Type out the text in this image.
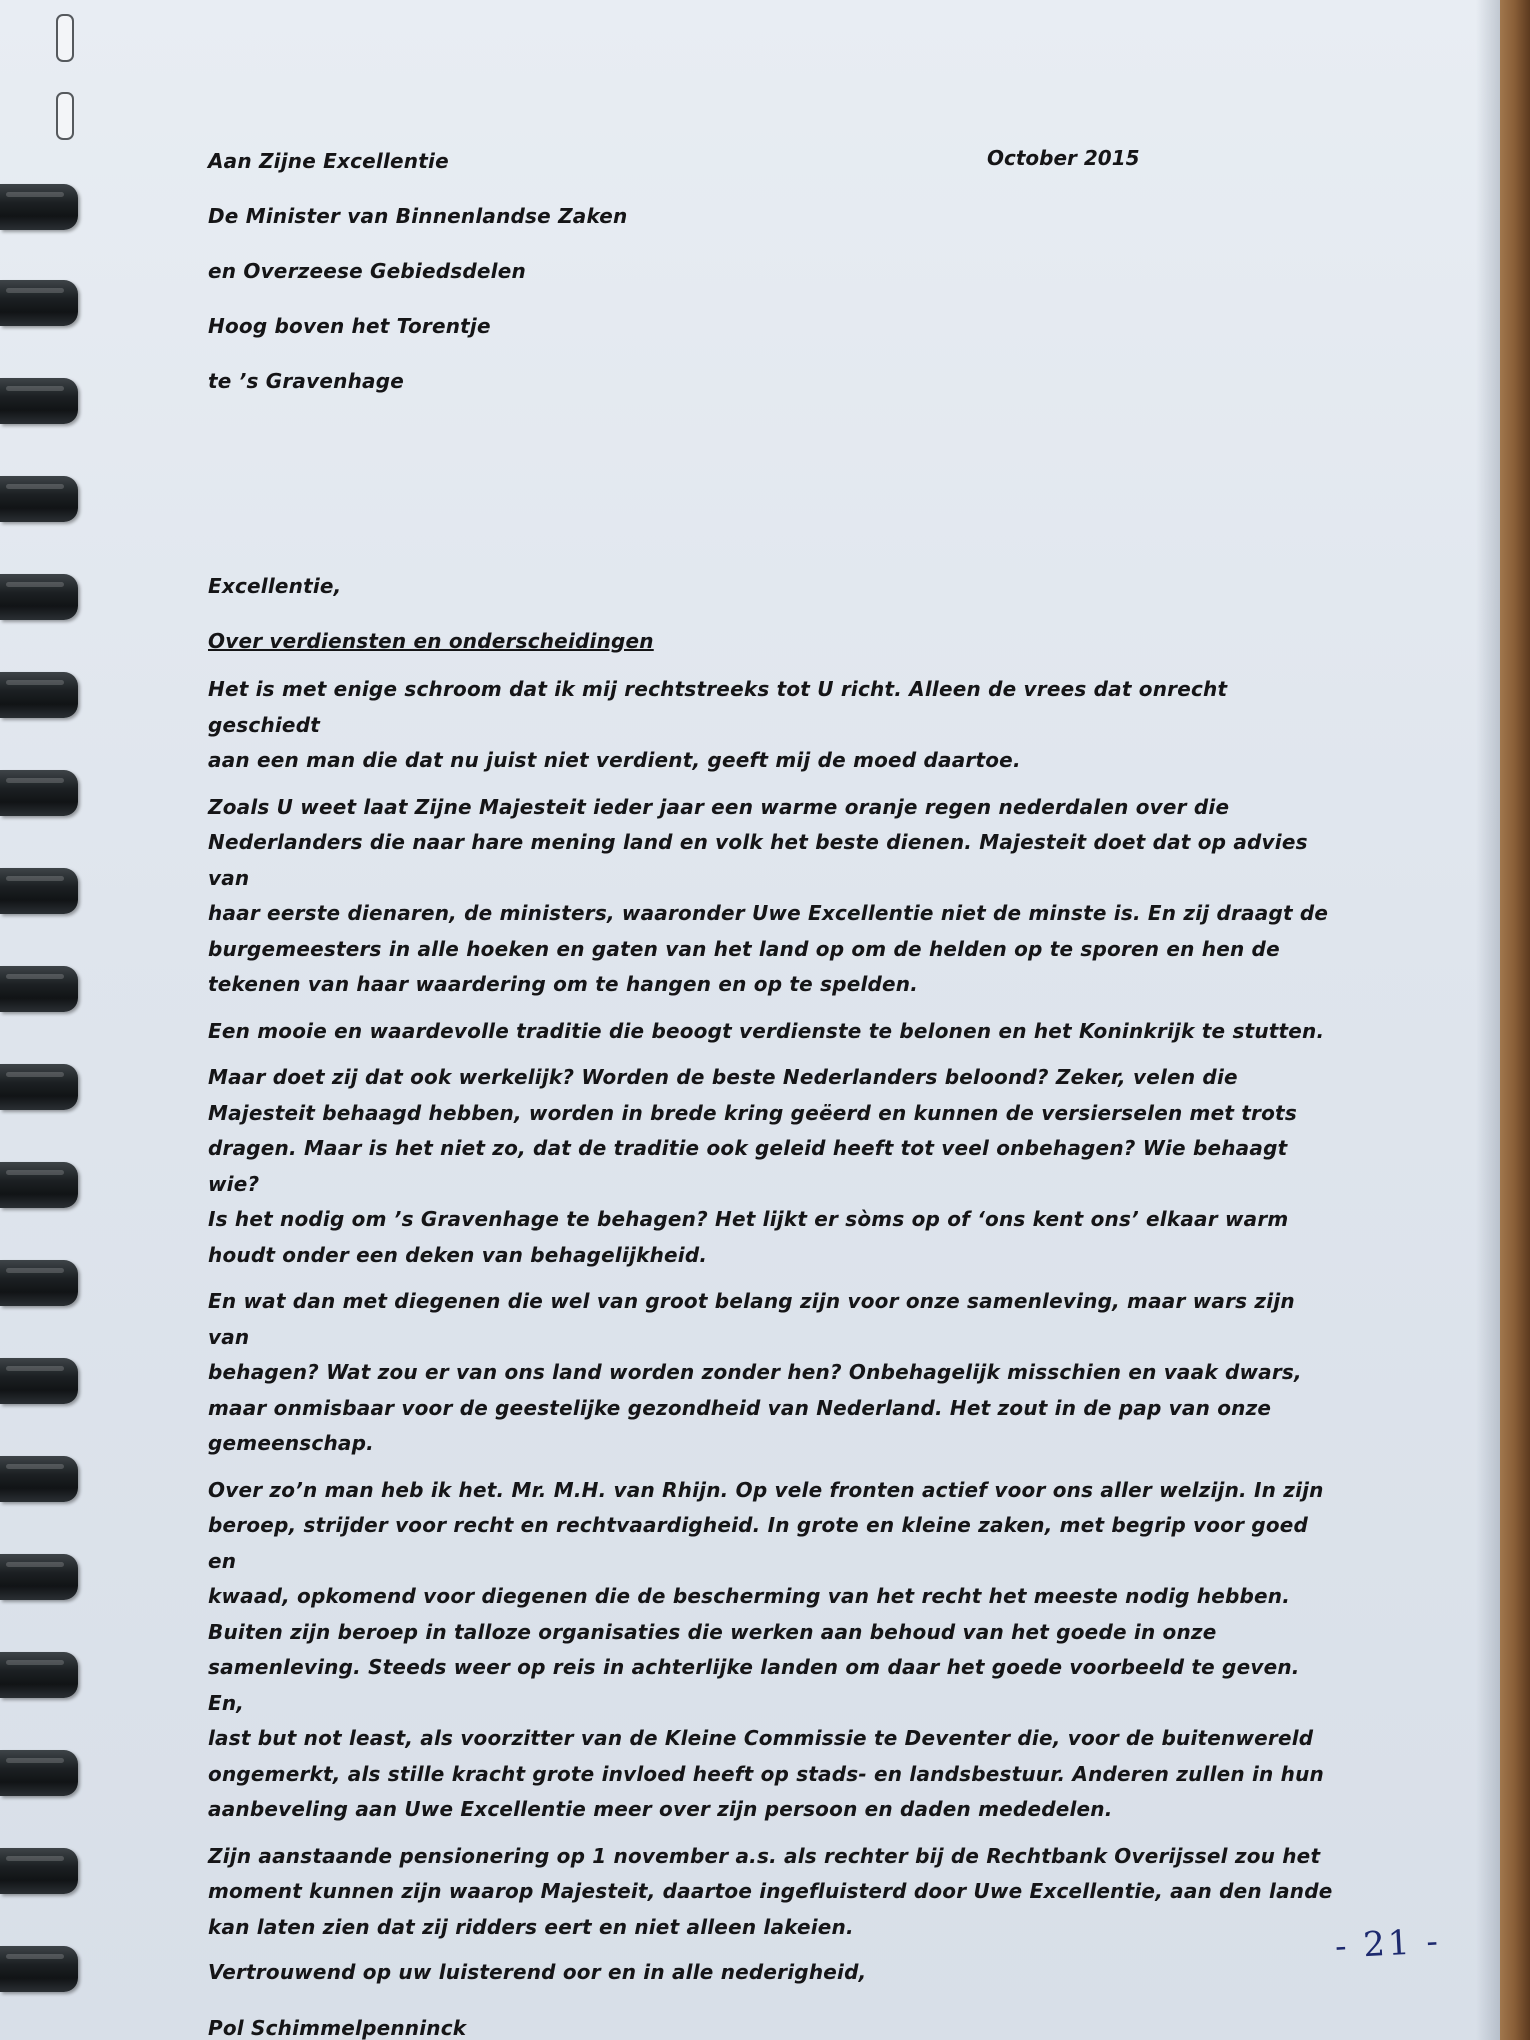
October 2015
Aan Zijne Excellentie
De Minister van Binnenlandse Zaken
en Overzeese Gebiedsdelen
Hoog boven het Torentje
te ’s Gravenhage
Excellentie,
Over verdiensten en onderscheidingen
Het is met enige schroom dat ik mij rechtstreeks tot U richt. Alleen de vrees dat onrecht geschiedt
aan een man die dat nu juist niet verdient, geeft mij de moed daartoe.
Zoals U weet laat Zijne Majesteit ieder jaar een warme oranje regen nederdalen over die
Nederlanders die naar hare mening land en volk het beste dienen. Majesteit doet dat op advies van
haar eerste dienaren, de ministers, waaronder Uwe Excellentie niet de minste is. En zij draagt de
burgemeesters in alle hoeken en gaten van het land op om de helden op te sporen en hen de
tekenen van haar waardering om te hangen en op te spelden.
Een mooie en waardevolle traditie die beoogt verdienste te belonen en het Koninkrijk te stutten.
Maar doet zij dat ook werkelijk? Worden de beste Nederlanders beloond? Zeker, velen die
Majesteit behaagd hebben, worden in brede kring geëerd en kunnen de versierselen met trots
dragen. Maar is het niet zo, dat de traditie ook geleid heeft tot veel onbehagen? Wie behaagt wie?
Is het nodig om ’s Gravenhage te behagen? Het lijkt er sòms op of ‘ons kent ons’ elkaar warm
houdt onder een deken van behagelijkheid.
En wat dan met diegenen die wel van groot belang zijn voor onze samenleving, maar wars zijn van
behagen? Wat zou er van ons land worden zonder hen? Onbehagelijk misschien en vaak dwars,
maar onmisbaar voor de geestelijke gezondheid van Nederland. Het zout in de pap van onze
gemeenschap.
Over zo’n man heb ik het. Mr. M.H. van Rhijn. Op vele fronten actief voor ons aller welzijn. In zijn
beroep, strijder voor recht en rechtvaardigheid. In grote en kleine zaken, met begrip voor goed en
kwaad, opkomend voor diegenen die de bescherming van het recht het meeste nodig hebben.
Buiten zijn beroep in talloze organisaties die werken aan behoud van het goede in onze
samenleving. Steeds weer op reis in achterlijke landen om daar het goede voorbeeld te geven. En,
last but not least, als voorzitter van de Kleine Commissie te Deventer die, voor de buitenwereld
ongemerkt, als stille kracht grote invloed heeft op stads- en landsbestuur. Anderen zullen in hun
aanbeveling aan Uwe Excellentie meer over zijn persoon en daden mededelen.
Zijn aanstaande pensionering op 1 november a.s. als rechter bij de Rechtbank Overijssel zou het
moment kunnen zijn waarop Majesteit, daartoe ingefluisterd door Uwe Excellentie, aan den lande
kan laten zien dat zij ridders eert en niet alleen lakeien.
Vertrouwend op uw luisterend oor en in alle nederigheid,
Pol Schimmelpenninck
- 21 -
